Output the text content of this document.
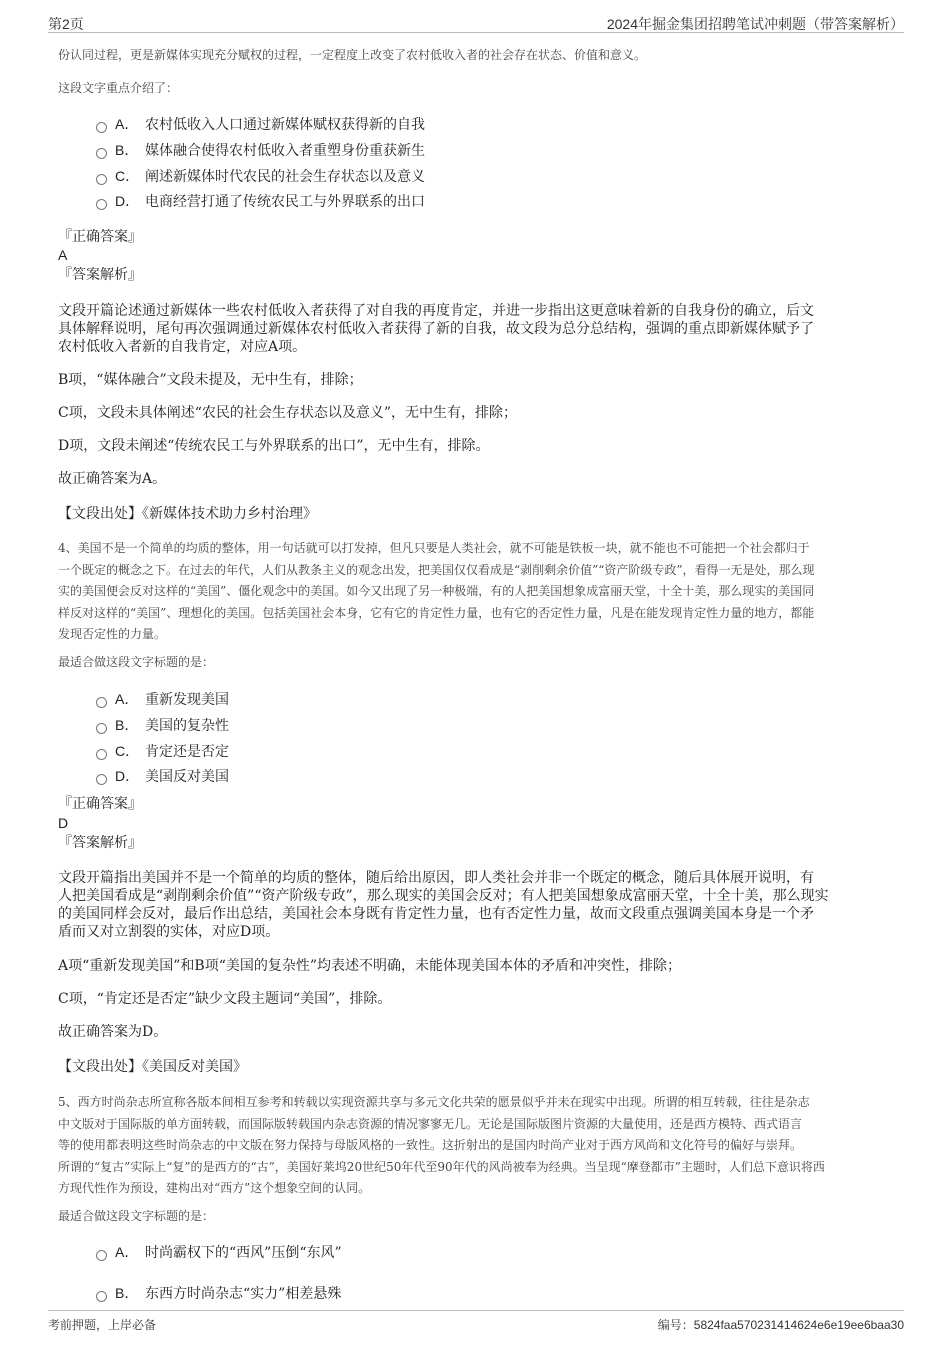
第2页	2024年掘金集团招聘笔试冲刺题（带答案解析）
份认同过程，更是新媒体实现充分赋权的过程，一定程度上改变了农村低收入者的社会存在状态、价值和意义。
这段文字重点介绍了：
A． 农村低收入人口通过新媒体赋权获得新的自我
B． 媒体融合使得农村低收入者重塑身份重获新生
C． 阐述新媒体时代农民的社会生存状态以及意义
D． 电商经营打通了传统农民工与外界联系的出口
『正确答案』
A
『答案解析』
文段开篇论述通过新媒体一些农村低收入者获得了对自我的再度肯定，并进一步指出这更意味着新的自我身份的确立，后文
具体解释说明，尾句再次强调通过新媒体农村低收入者获得了新的自我，故文段为总分总结构，强调的重点即新媒体赋予了
农村低收入者新的自我肯定，对应A项。
B项，“媒体融合”文段未提及，无中生有，排除；
C项，文段未具体阐述“农民的社会生存状态以及意义”，无中生有，排除；
D项，文段未阐述“传统农民工与外界联系的出口”，无中生有，排除。
故正确答案为A。
【文段出处】《新媒体技术助力乡村治理》
4、美国不是一个简单的均质的整体，用一句话就可以打发掉，但凡只要是人类社会，就不可能是铁板一块，就不能也不可能把一个社会都归于
一个既定的概念之下。在过去的年代，人们从教条主义的观念出发，把美国仅仅看成是“剥削剩余价值”“资产阶级专政”，看得一无是处，那么现
实的美国便会反对这样的“美国”、僵化观念中的美国。如今又出现了另一种极端，有的人把美国想象成富丽天堂，十全十美，那么现实的美国同
样反对这样的“美国”、理想化的美国。包括美国社会本身，它有它的肯定性力量，也有它的否定性力量，凡是在能发现肯定性力量的地方，都能
发现否定性的力量。
最适合做这段文字标题的是：
A． 重新发现美国
B． 美国的复杂性
C． 肯定还是否定
D． 美国反对美国
『正确答案』
D
『答案解析』
文段开篇指出美国并不是一个简单的均质的整体，随后给出原因，即人类社会并非一个既定的概念，随后具体展开说明，有
人把美国看成是“剥削剩余价值”“资产阶级专政”，那么现实的美国会反对；有人把美国想象成富丽天堂，十全十美，那么现实
的美国同样会反对，最后作出总结，美国社会本身既有肯定性力量，也有否定性力量，故而文段重点强调美国本身是一个矛
盾而又对立割裂的实体，对应D项。
A项“重新发现美国”和B项“美国的复杂性”均表述不明确，未能体现美国本体的矛盾和冲突性，排除；
C项，“肯定还是否定”缺少文段主题词“美国”，排除。
故正确答案为D。
【文段出处】《美国反对美国》
5、西方时尚杂志所宣称各版本间相互参考和转载以实现资源共享与多元文化共荣的愿景似乎并未在现实中出现。所谓的相互转载，往往是杂志
中文版对于国际版的单方面转载，而国际版转载国内杂志资源的情况寥寥无几。无论是国际版图片资源的大量使用，还是西方模特、西式语言
等的使用都表明这些时尚杂志的中文版在努力保持与母版风格的一致性。这折射出的是国内时尚产业对于西方风尚和文化符号的偏好与崇拜。
所谓的“复古”实际上“复”的是西方的“古”，美国好莱坞20世纪50年代至90年代的风尚被奉为经典。当呈现“摩登都市”主题时，人们总下意识将西
方现代性作为预设，建构出对“西方”这个想象空间的认同。
最适合做这段文字标题的是：
A． 时尚霸权下的“西风”压倒“东风”
B． 东西方时尚杂志“实力”相差悬殊
考前押题，上岸必备	编号：5824faa570231414624e6e19ee6baa30
